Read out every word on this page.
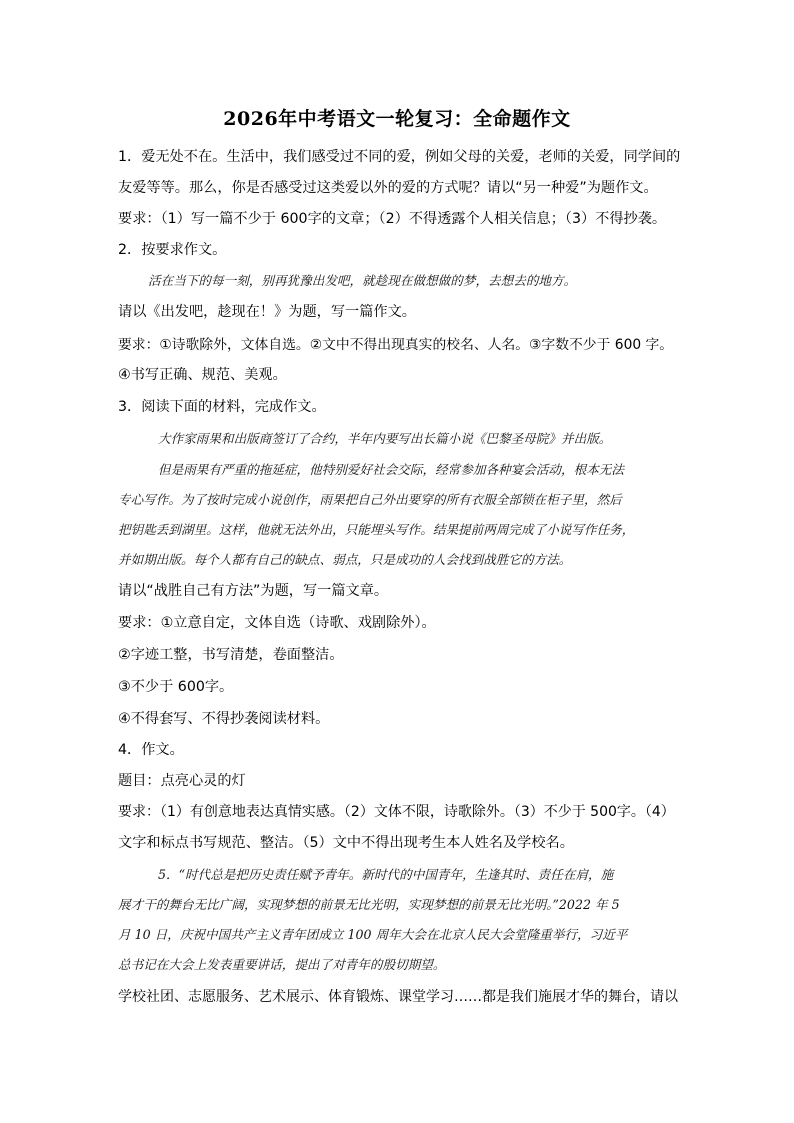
2026年中考语文一轮复习：全命题作文
1．爱无处不在。生活中，我们感受过不同的爱，例如父母的关爱，老师的关爱，同学间的
友爱等等。那么，你是否感受过这类爱以外的爱的方式呢？请以“另一种爱”为题作文。
要求：（1）写一篇不少于 600字的文章；（2）不得透露个人相关信息；（3）不得抄袭。
2．按要求作文。
活在当下的每一刻，别再犹豫出发吧，就趁现在做想做的梦，去想去的地方。
请以《出发吧，趁现在！》为题，写一篇作文。
要求：①诗歌除外，文体自选。②文中不得出现真实的校名、人名。③字数不少于 600 字。
④书写正确、规范、美观。
3．阅读下面的材料，完成作文。
大作家雨果和出版商签订了合约，半年内要写出长篇小说《巴黎圣母院》并出版。
但是雨果有严重的拖延症，他特别爱好社会交际，经常参加各种宴会活动，根本无法
专心写作。为了按时完成小说创作，雨果把自己外出要穿的所有衣服全部锁在柜子里，然后
把钥匙丢到湖里。这样，他就无法外出，只能埋头写作。结果提前两周完成了小说写作任务，
并如期出版。每个人都有自己的缺点、弱点，只是成功的人会找到战胜它的方法。
请以“战胜自己有方法”为题，写一篇文章。
要求：①立意自定，文体自选（诗歌、戏剧除外）。
②字迹工整，书写清楚，卷面整洁。
③不少于 600字。
④不得套写、不得抄袭阅读材料。
4．作文。
题目：点亮心灵的灯
要求：（1）有创意地表达真情实感。（2）文体不限，诗歌除外。（3）不少于 500字。（4）
文字和标点书写规范、整洁。（5）文中不得出现考生本人姓名及学校名。
5．“时代总是把历史责任赋予青年。新时代的中国青年，生逢其时、责任在肩，施
展才干的舞台无比广阔，实现梦想的前景无比光明，实现梦想的前景无比光明。”2022 年 5
月 10 日，庆祝中国共产主义青年团成立 100 周年大会在北京人民大会堂隆重举行，习近平
总书记在大会上发表重要讲话，提出了对青年的殷切期望。
学校社团、志愿服务、艺术展示、体育锻炼、课堂学习……都是我们施展才华的舞台，请以
